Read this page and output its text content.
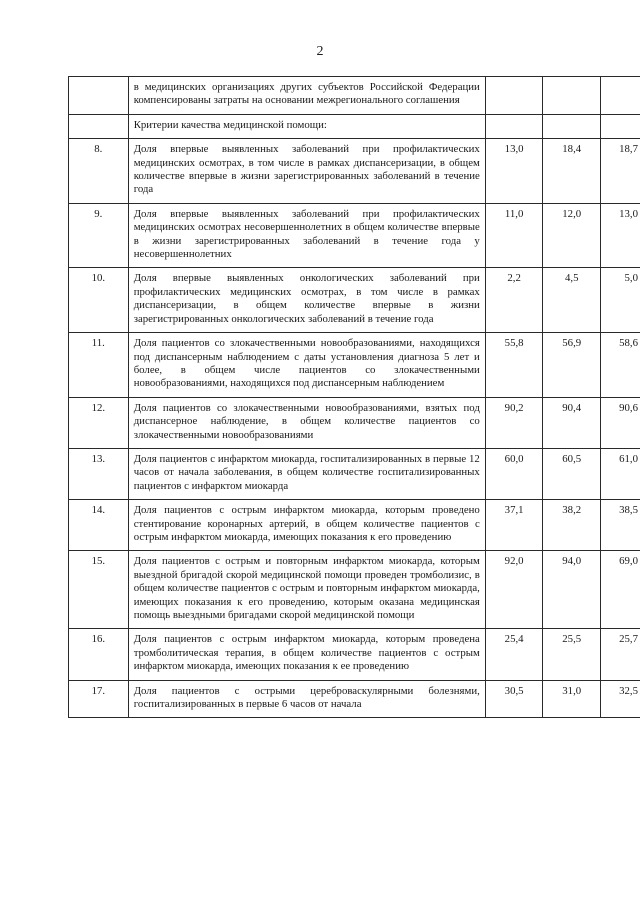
2
	в медицинских организациях других субъектов Российской Федерации компенсированы затраты на основании межрегионального соглашения			
	Критерии качества медицинской помощи:			
8.	Доля впервые выявленных заболеваний при профилактических медицинских осмотрах, в том числе в рамках диспансеризации, в общем количестве впервые в жизни зарегистрированных заболеваний в течение года	13,0	18,4	18,7
9.	Доля впервые выявленных заболеваний при профилактических медицинских осмотрах несовершеннолетних в общем количестве впервые в жизни зарегистрированных заболеваний в течение года у несовершеннолетних	11,0	12,0	13,0
10.	Доля впервые выявленных онкологических заболеваний при профилактических медицинских осмотрах, в том числе в рамках диспансеризации, в общем количестве впервые в жизни зарегистрированных онкологических заболеваний в течение года	2,2	4,5	5,0
11.	Доля пациентов со злокачественными новообразованиями, находящихся под диспансерным наблюдением с даты установления диагноза 5 лет и более, в общем числе пациентов со злокачественными новообразованиями, находящихся под диспансерным наблюдением	55,8	56,9	58,6
12.	Доля пациентов со злокачественными новообразованиями, взятых под диспансерное наблюдение, в общем количестве пациентов со злокачественными новообразованиями	90,2	90,4	90,6
13.	Доля пациентов с инфарктом миокарда, госпитализированных в первые 12 часов от начала заболевания, в общем количестве госпитализированных пациентов с инфарктом миокарда	60,0	60,5	61,0
14.	Доля пациентов с острым инфарктом миокарда, которым проведено стентирование коронарных артерий, в общем количестве пациентов с острым инфарктом миокарда, имеющих показания к его проведению	37,1	38,2	38,5
15.	Доля пациентов с острым и повторным инфарктом миокарда, которым выездной бригадой скорой медицинской помощи проведен тромболизис, в общем количестве пациентов с острым и повторным инфарктом миокарда, имеющих показания к его проведению, которым оказана медицинская помощь выездными бригадами скорой медицинской помощи	92,0	94,0	69,0
16.	Доля пациентов с острым инфарктом миокарда, которым проведена тромболитическая терапия, в общем количестве пациентов с острым инфарктом миокарда, имеющих показания к ее проведению	25,4	25,5	25,7
17.	Доля пациентов с острыми цереброваскулярными болезнями, госпитализированных в первые 6 часов от начала	30,5	31,0	32,5
